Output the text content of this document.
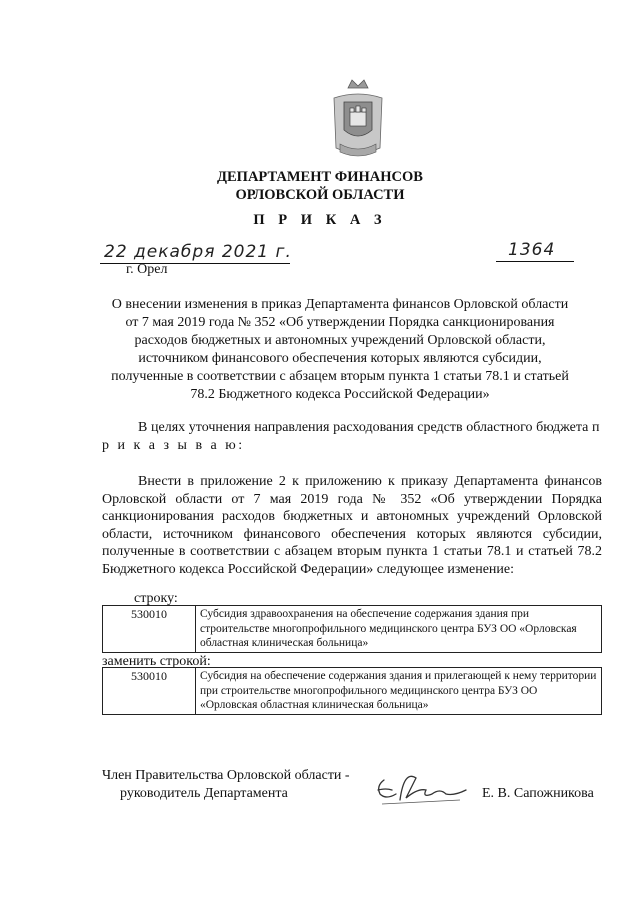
ДЕПАРТАМЕНТ ФИНАНСОВ
ОРЛОВСКОЙ ОБЛАСТИ
П Р И К А З
22 декабря 2021 г.	1364
г. Орел
О внесении изменения в приказ Департамента финансов Орловской области
от 7 мая 2019 года № 352 «Об утверждении Порядка санкционирования
расходов бюджетных и автономных учреждений Орловской области,
источником финансового обеспечения которых являются субсидии,
полученные в соответствии с абзацем вторым пункта 1 статьи 78.1 и статьей
78.2 Бюджетного кодекса Российской Федерации»
В целях уточнения направления расходования средств областного бюджета п р и к а з ы в а ю:
Внести в приложение 2 к приложению к приказу Департамента финансов Орловской области от 7 мая 2019 года № 352 «Об утверждении Порядка санкционирования расходов бюджетных и автономных учреждений Орловской области, источником финансового обеспечения которых являются субсидии, полученные в соответствии с абзацем вторым пункта 1 статьи 78.1 и статьей 78.2 Бюджетного кодекса Российской Федерации» следующее изменение:
строку:
530010	Субсидия здравоохранения на обеспечение содержания здания при строительстве многопрофильного медицинского центра БУЗ ОО «Орловская областная клиническая больница»
заменить строкой:
530010	Субсидия на обеспечение содержания здания и прилегающей к нему территории при строительстве многопрофильного медицинского центра БУЗ ОО «Орловская областная клиническая больница»
Член Правительства Орловской области -
руководитель Департамента	Е. В. Сапожникова
